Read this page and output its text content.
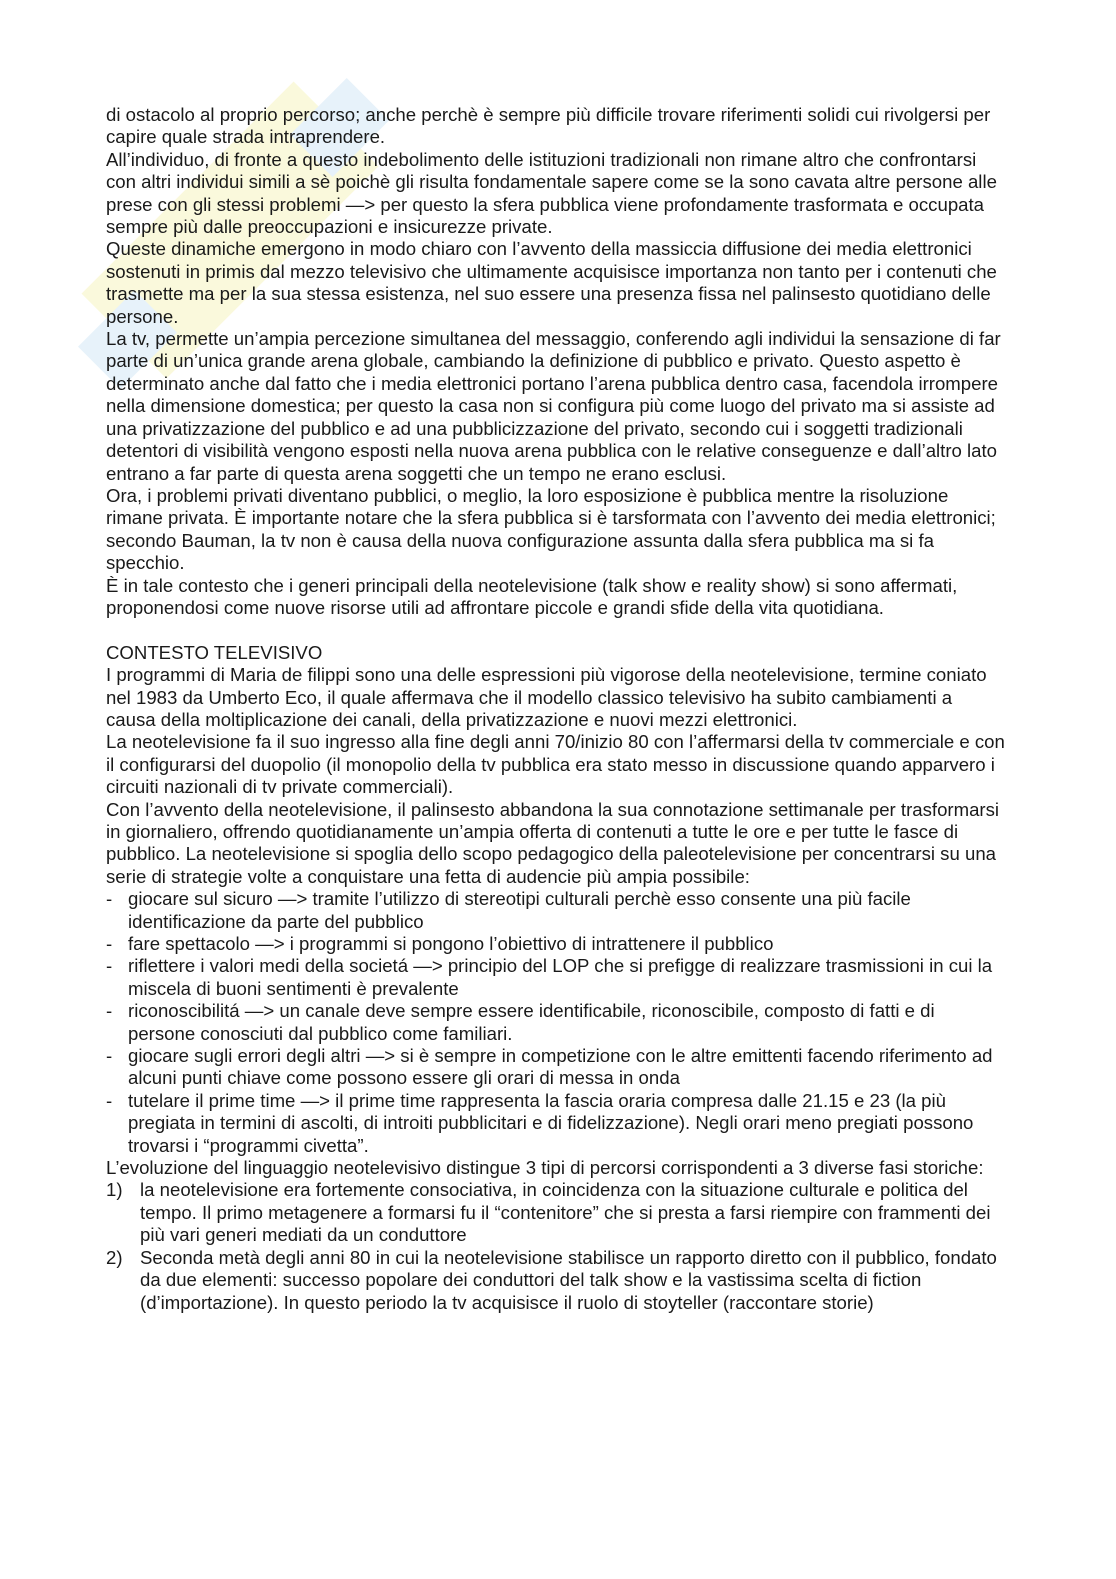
di ostacolo al proprio percorso; anche perchè è sempre più difficile trovare riferimenti solidi cui rivolgersi per capire quale strada intraprendere.

All’individuo, di fronte a questo indebolimento delle istituzioni tradizionali non rimane altro che confrontarsi con altri individui simili a sè poichè gli risulta fondamentale sapere come se la sono cavata altre persone alle prese con gli stessi problemi —> per questo la sfera pubblica viene profondamente trasformata e occupata sempre più dalle preoccupazioni e insicurezze private.

Queste dinamiche emergono in modo chiaro con l’avvento della massiccia diffusione dei media elettronici sostenuti in primis dal mezzo televisivo che ultimamente acquisisce importanza non tanto per i contenuti che trasmette ma per la sua stessa esistenza, nel suo essere una presenza fissa nel palinsesto quotidiano delle persone.

La tv, permette un’ampia percezione simultanea del messaggio, conferendo agli individui la sensazione di far parte di un’unica grande arena globale, cambiando la definizione di pubblico e privato. Questo aspetto è determinato anche dal fatto che i media elettronici portano l’arena pubblica dentro casa, facendola irrompere nella dimensione domestica; per questo la casa non si configura più come luogo del privato ma si assiste ad una privatizzazione del pubblico e ad una pubblicizzazione del privato, secondo cui i soggetti tradizionali detentori di visibilità vengono esposti nella nuova arena pubblica con le relative conseguenze e dall’altro lato entrano a far parte di questa arena soggetti che un tempo ne erano esclusi.

Ora, i problemi privati diventano pubblici, o meglio, la loro esposizione è pubblica mentre la risoluzione rimane privata. È importante notare che la sfera pubblica si è tarsformata con l’avvento dei media elettronici; secondo Bauman, la tv non è causa della nuova configurazione assunta dalla sfera pubblica ma si fa specchio.

È in tale contesto che i generi principali della neotelevisione (talk show e reality show) si sono affermati, proponendosi come nuove risorse utili ad affrontare piccole e grandi sfide della vita quotidiana.

CONTESTO TELEVISIVO

I programmi di Maria de filippi sono una delle espressioni più vigorose della neotelevisione, termine coniato nel 1983 da Umberto Eco, il quale affermava che il modello classico televisivo ha subito cambiamenti a causa della moltiplicazione dei canali, della privatizzazione e nuovi mezzi elettronici.

La neotelevisione fa il suo ingresso alla fine degli anni 70/inizio 80 con l’affermarsi della tv commerciale e con il configurarsi del duopolio (il monopolio della tv pubblica era stato messo in discussione quando apparvero i circuiti nazionali di tv private commerciali).

Con l’avvento della neotelevisione, il palinsesto abbandona la sua connotazione settimanale per trasformarsi in giornaliero, offrendo quotidianamente un’ampia offerta di contenuti a tutte le ore e per tutte le fasce di pubblico. La neotelevisione si spoglia dello scopo pedagogico della paleotelevisione per concentrarsi su una serie di strategie volte a conquistare una fetta di audencie più ampia possibile:

- giocare sul sicuro —> tramite l’utilizzo di stereotipi culturali perchè esso consente una più facile identificazione da parte del pubblico
- fare spettacolo —> i programmi si pongono l’obiettivo di intrattenere il pubblico
- riflettere i valori medi della societá —> principio del LOP che si prefigge di realizzare trasmissioni in cui la miscela di buoni sentimenti è prevalente
- riconoscibilitá —> un canale deve sempre essere identificabile, riconoscibile, composto di fatti e di persone conosciuti dal pubblico come familiari.
- giocare sugli errori degli altri —> si è sempre in competizione con le altre emittenti facendo riferimento ad alcuni punti chiave come possono essere gli orari di messa in onda
- tutelare il prime time —> il prime time rappresenta la fascia oraria compresa dalle 21.15 e 23 (la più pregiata in termini di ascolti, di introiti pubblicitari e di fidelizzazione). Negli orari meno pregiati possono trovarsi i “programmi civetta”.

L’evoluzione del linguaggio neotelevisivo distingue 3 tipi di percorsi corrispondenti a 3 diverse fasi storiche:

1) la neotelevisione era fortemente consociativa, in coincidenza con la situazione culturale e politica del tempo. Il primo metagenere a formarsi fu il “contenitore” che si presta a farsi riempire con frammenti dei più vari generi mediati da un conduttore
2) Seconda metà degli anni 80 in cui la neotelevisione stabilisce un rapporto diretto con il pubblico, fondato da due elementi: successo popolare dei conduttori del talk show e la vastissima scelta di fiction (d’importazione). In questo periodo la tv acquisisce il ruolo di stoyteller (raccontare storie)
